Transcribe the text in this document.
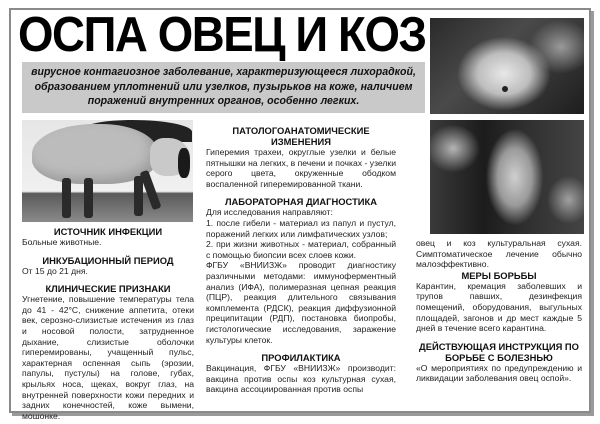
ОСПА ОВЕЦ И КОЗ
вирусное контагиозное заболевание, характеризующееся лихорадкой, образованием уплотнений или узелков, пузырьков на коже, наличием поражений внутренних органов, особенно легких.
ИСТОЧНИК ИНФЕКЦИИ
Больные животные.
ИНКУБАЦИОННЫЙ ПЕРИОД
От 15 до 21 дня.
КЛИНИЧЕСКИЕ ПРИЗНАКИ
Угнетение, повышение температуры тела до 41 - 42°С, снижение аппетита, отеки век, серозно-слизистые истечения из глаз и носовой полости, затрудненное дыхание, слизистые оболочки гиперемированы, учащенный пульс, характерная оспенная сыпь (эрозии, папулы, пустулы) на голове, губах, крыльях носа, щеках, вокруг глаз, на внутренней поверхности кожи передних и задних конечностей, коже вымени, мошонке.
ПАТОЛОГОАНАТОМИЧЕСКИЕ ИЗМЕНЕНИЯ
Гиперемия трахеи, округлые узелки и белые пятнышки на легких, в печени и почках - узелки серого цвета, окруженные ободком воспаленной гиперемированной ткани.
ЛАБОРАТОРНАЯ ДИАГНОСТИКА
Для исследования направляют:
1. после гибели - материал из папул и пустул, поражений легких или лимфатических узлов;
2. при жизни животных - материал, собранный с помощью биопсии всех слоев кожи.
ФГБУ «ВНИИЗЖ» проводит диагностику различными методами: иммуноферментный анализ (ИФА), полимеразная цепная реакция (ПЦР), реакция длительного связывания комплемента (РДСК), реакция диффузионной преципитации (РДП), постановка биопробы, гистологические исследования, заражение культуры клеток.
ПРОФИЛАКТИКА
Вакцинация, ФГБУ «ВНИИЗЖ» производит: вакцина против оспы коз культурная сухая, вакцина ассоциированная против оспы
овец и коз культуральная сухая. Симптоматическое лечение обычно малоэффективно.
МЕРЫ БОРЬБЫ
Карантин, кремация заболевших и трупов павших, дезинфекция помещений, оборудования, выгульных площадей, загонов и др мест каждые 5 дней в течение всего карантина.
ДЕЙСТВУЮЩАЯ ИНСТРУКЦИЯ ПО БОРЬБЕ С БОЛЕЗНЬЮ
«О мероприятиях по предупреждению и ликвидации заболевания овец оспой».
